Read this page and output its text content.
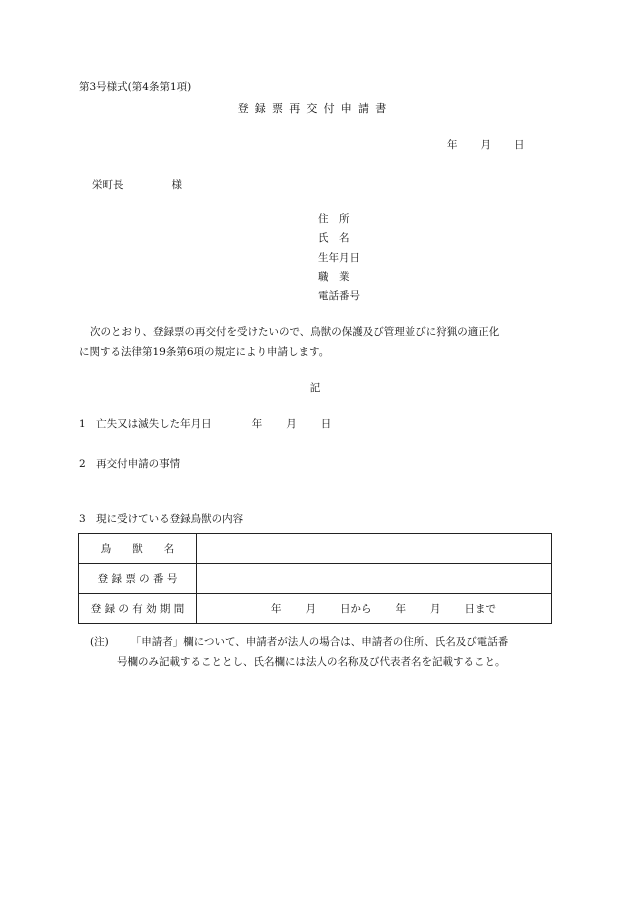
第3号様式(第4条第1項)
登録票再交付申請書
年 月 日
栄町長	様
住　所
氏　名
生年月日
職　業
電話番号
次のとおり、登録票の再交付を受けたいので、鳥獣の保護及び管理並びに狩猟の適正化
に関する法律第19条第6項の規定により申請します。
記
1　亡失又は滅失した年月日	年 月 日
2　再交付申請の事情
3　現に受けている登録鳥獣の内容
鳥　　獣　　名	
登 録 票 の 番 号	
登 録 の 有 効 期 間	年 月 日から 年 月 日まで
(注) 「申請者」欄について、申請者が法人の場合は、申請者の住所、氏名及び電話番
号欄のみ記載することとし、氏名欄には法人の名称及び代表者名を記載すること。
